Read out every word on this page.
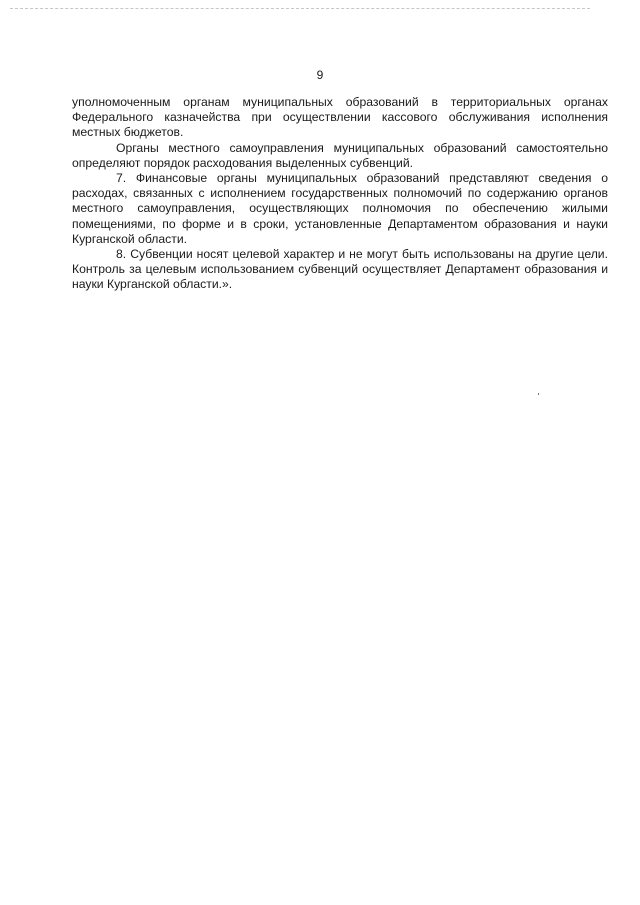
9

уполномоченным органам муниципальных образований в территориальных органах Федерального казначейства при осуществлении кассового обслуживания исполнения местных бюджетов.

Органы местного самоуправления муниципальных образований самостоятельно определяют порядок расходования выделенных субвенций.

7. Финансовые органы муниципальных образований представляют сведения о расходах, связанных с исполнением государственных полномочий по содержанию органов местного самоуправления, осуществляющих полномочия по обеспечению жилыми помещениями, по форме и в сроки, установленные Департаментом образования и науки Курганской области.

8. Субвенции носят целевой характер и не могут быть использованы на другие цели. Контроль за целевым использованием субвенций осуществляет Департамент образования и науки Курганской области.».
